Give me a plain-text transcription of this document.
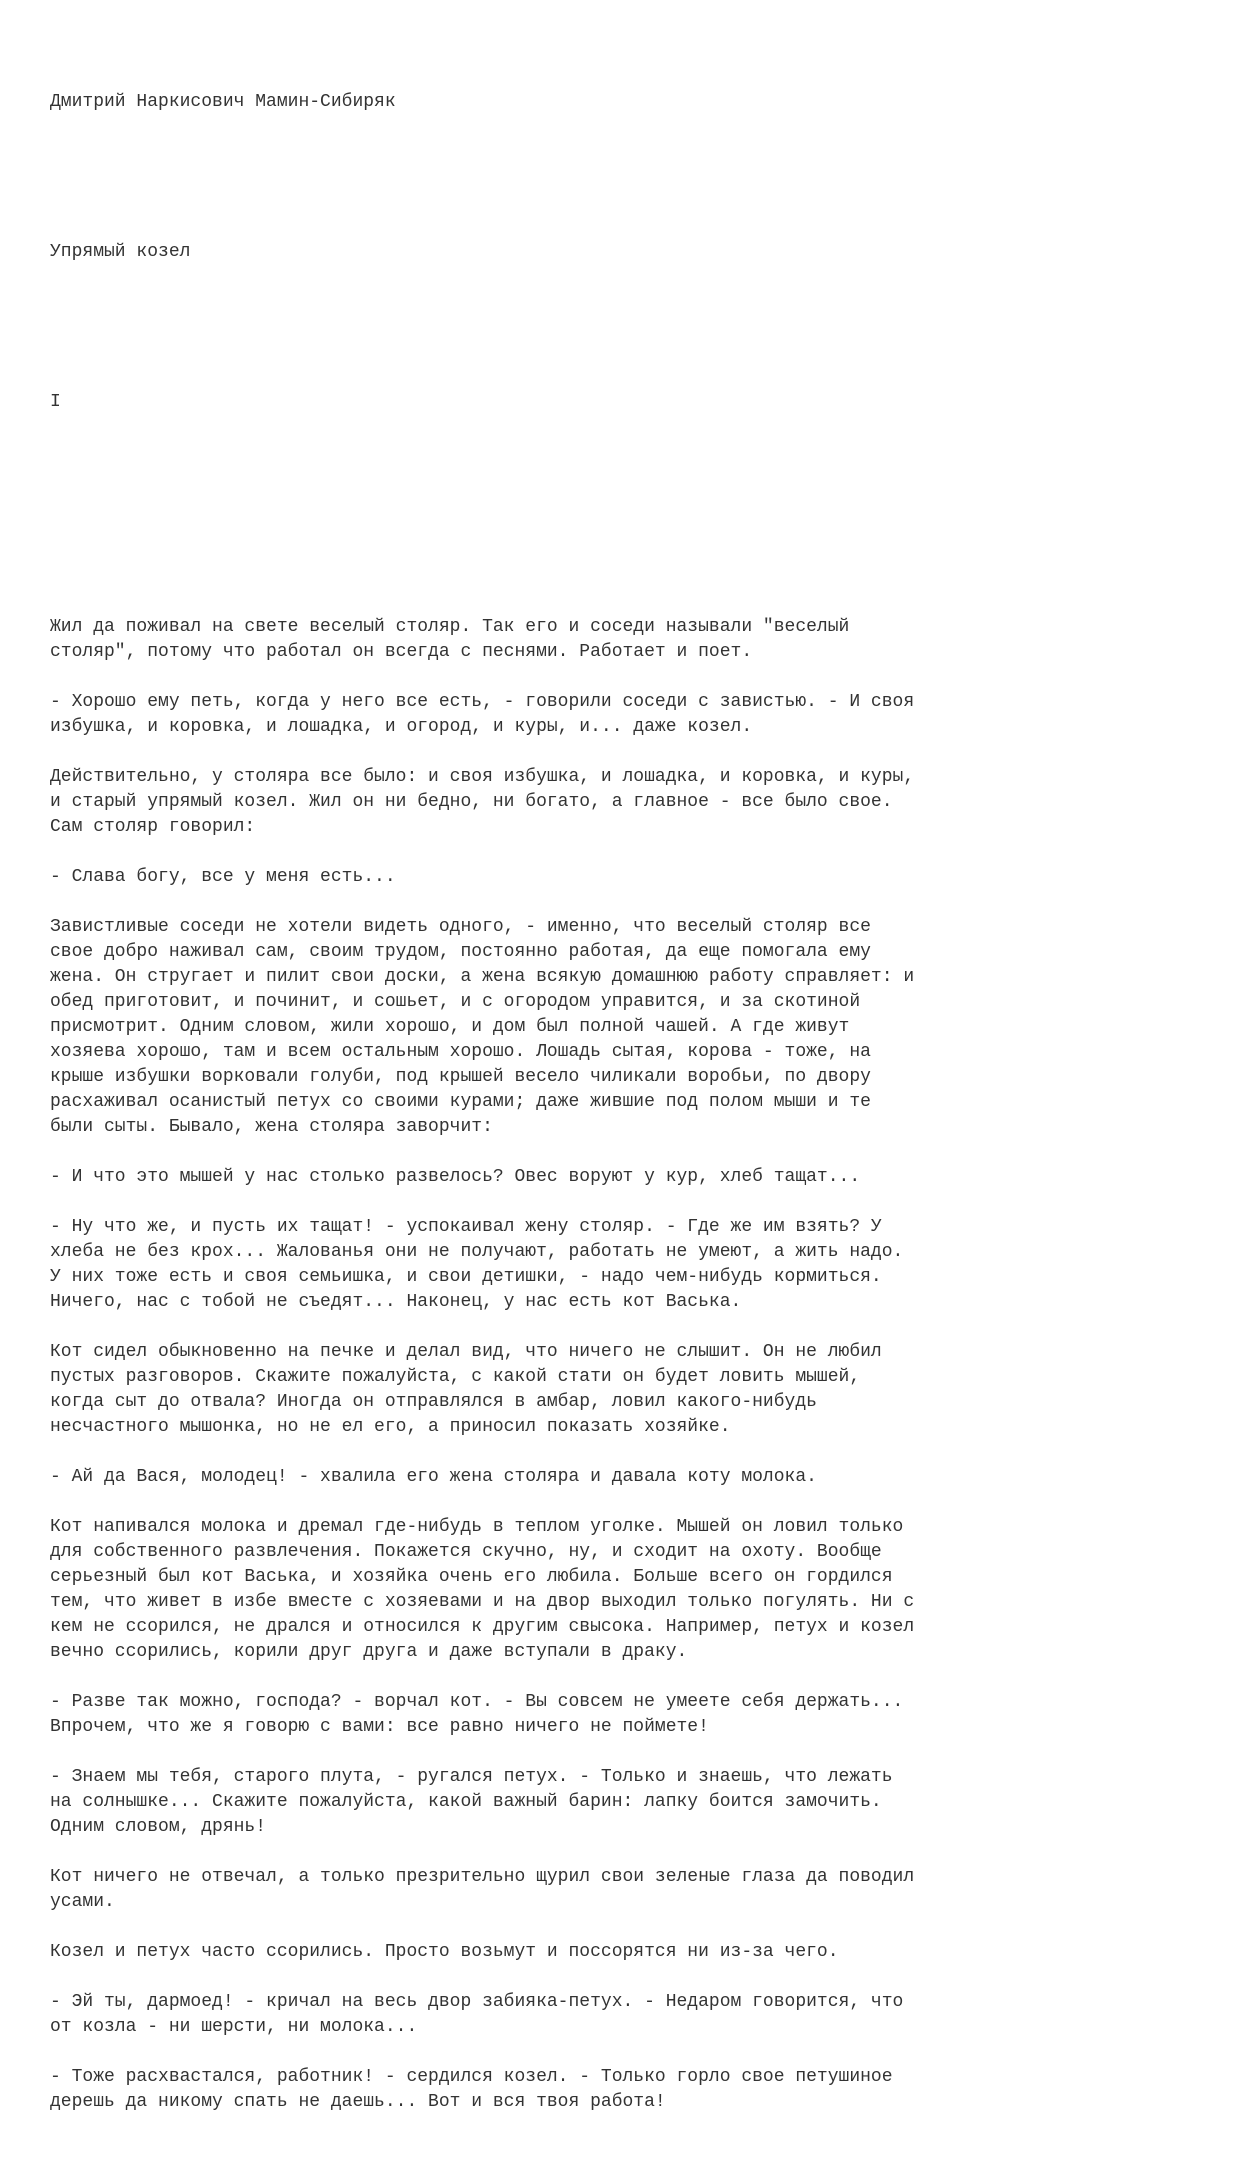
Дмитрий Наркисович Мамин-Сибиряк

Упрямый козел

I

Жил да поживал на свете веселый столяр. Так его и соседи называли "веселый
столяр", потому что работал он всегда с песнями. Работает и поет.
- Хорошо ему петь, когда у него все есть, - говорили соседи с завистью. - И своя
избушка, и коровка, и лошадка, и огород, и куры, и... даже козел.
Действительно, у столяра все было: и своя избушка, и лошадка, и коровка, и куры,
и старый упрямый козел. Жил он ни бедно, ни богато, а главное - все было свое.
Сам столяр говорил:
- Слава богу, все у меня есть...
Завистливые соседи не хотели видеть одного, - именно, что веселый столяр все
свое добро наживал сам, своим трудом, постоянно работая, да еще помогала ему
жена. Он стругает и пилит свои доски, а жена всякую домашнюю работу справляет: и
обед приготовит, и починит, и сошьет, и с огородом управится, и за скотиной
присмотрит. Одним словом, жили хорошо, и дом был полной чашей. А где живут
хозяева хорошо, там и всем остальным хорошо. Лошадь сытая, корова - тоже, на
крыше избушки ворковали голуби, под крышей весело чиликали воробьи, по двору
расхаживал осанистый петух со своими курами; даже жившие под полом мыши и те
были сыты. Бывало, жена столяра заворчит:
- И что это мышей у нас столько развелось? Овес воруют у кур, хлеб тащат...
- Ну что же, и пусть их тащат! - успокаивал жену столяр. - Где же им взять? У
хлеба не без крох... Жалованья они не получают, работать не умеют, а жить надо.
У них тоже есть и своя семьишка, и свои детишки, - надо чем-нибудь кормиться.
Ничего, нас с тобой не съедят... Наконец, у нас есть кот Васька.
Кот сидел обыкновенно на печке и делал вид, что ничего не слышит. Он не любил
пустых разговоров. Скажите пожалуйста, с какой стати он будет ловить мышей,
когда сыт до отвала? Иногда он отправлялся в амбар, ловил какого-нибудь
несчастного мышонка, но не ел его, а приносил показать хозяйке.
- Ай да Вася, молодец! - хвалила его жена столяра и давала коту молока.
Кот напивался молока и дремал где-нибудь в теплом уголке. Мышей он ловил только
для собственного развлечения. Покажется скучно, ну, и сходит на охоту. Вообще
серьезный был кот Васька, и хозяйка очень его любила. Больше всего он гордился
тем, что живет в избе вместе с хозяевами и на двор выходил только погулять. Ни с
кем не ссорился, не дрался и относился к другим свысока. Например, петух и козел
вечно ссорились, корили друг друга и даже вступали в драку.
- Разве так можно, господа? - ворчал кот. - Вы совсем не умеете себя держать...
Впрочем, что же я говорю с вами: все равно ничего не поймете!
- Знаем мы тебя, старого плута, - ругался петух. - Только и знаешь, что лежать
на солнышке... Скажите пожалуйста, какой важный барин: лапку боится замочить.
Одним словом, дрянь!
Кот ничего не отвечал, а только презрительно щурил свои зеленые глаза да поводил
усами.
Козел и петух часто ссорились. Просто возьмут и поссорятся ни из-за чего.
- Эй ты, дармоед! - кричал на весь двор забияка-петух. - Недаром говорится, что
от козла - ни шерсти, ни молока...
- Тоже расхвастался, работник! - сердился козел. - Только горло свое петушиное
дерешь да никому спать не даешь... Вот и вся твоя работа!
